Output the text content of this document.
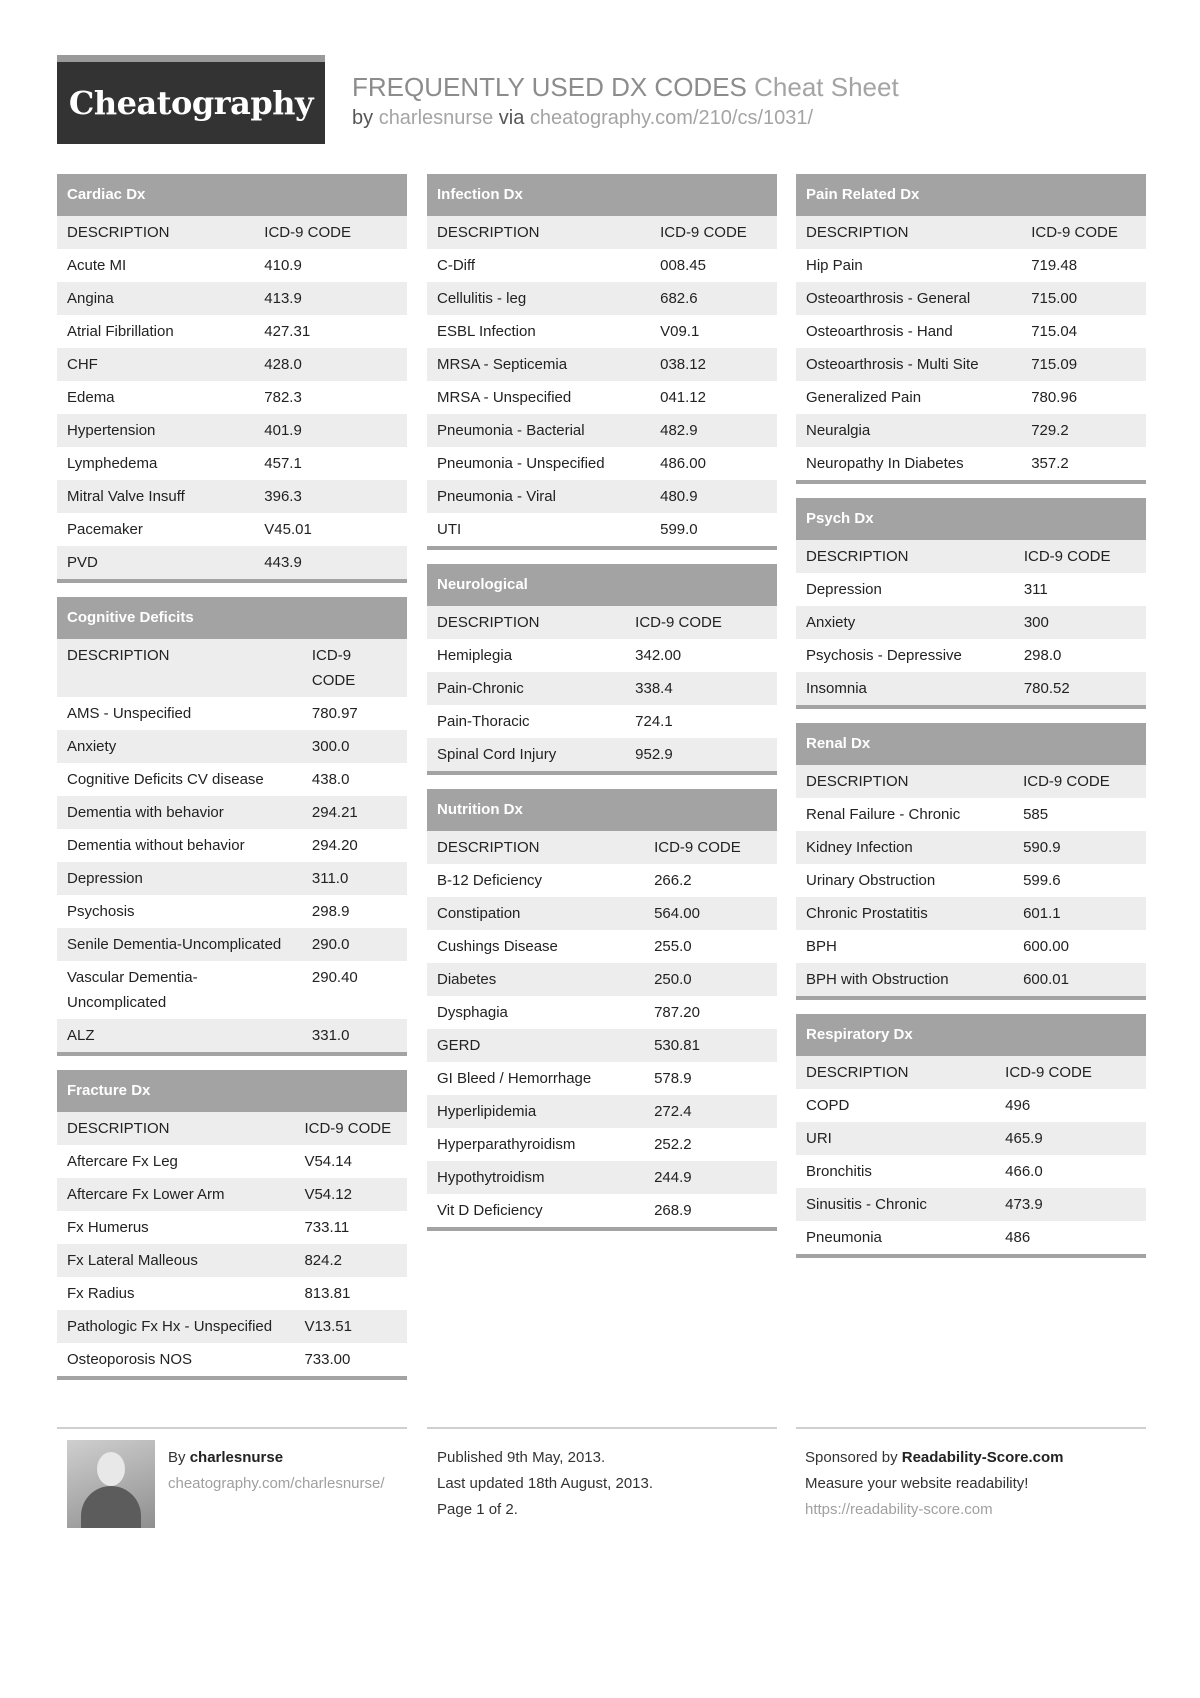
Cheatography	FREQUENTLY USED DX CODES Cheat Sheet
by charlesnurse via cheatography.com/210/cs/1031/
Cardiac Dx
DESCRIPTION	ICD-9 CODE
Acute MI	410.9
Angina	413.9
Atrial Fibrillation	427.31
CHF	428.0
Edema	782.3
Hypertension	401.9
Lymphedema	457.1
Mitral Valve Insuff	396.3
Pacemaker	V45.01
PVD	443.9
Cognitive Deficits
DESCRIPTION	ICD-9 CODE
AMS - Unspecified	780.97
Anxiety	300.0
Cognitive Deficits CV disease	438.0
Dementia with behavior	294.21
Dementia without behavior	294.20
Depression	311.0
Psychosis	298.9
Senile Dementia-Uncomplicated	290.0
Vascular Dementia-Uncomplicated	290.40
ALZ	331.0
Fracture Dx
DESCRIPTION	ICD-9 CODE
Aftercare Fx Leg	V54.14
Aftercare Fx Lower Arm	V54.12
Fx Humerus	733.11
Fx Lateral Malleous	824.2
Fx Radius	813.81
Pathologic Fx Hx - Unspecified	V13.51
Osteoporosis NOS	733.00
Infection Dx
DESCRIPTION	ICD-9 CODE
C-Diff	008.45
Cellulitis - leg	682.6
ESBL Infection	V09.1
MRSA - Septicemia	038.12
MRSA - Unspecified	041.12
Pneumonia - Bacterial	482.9
Pneumonia - Unspecified	486.00
Pneumonia - Viral	480.9
UTI	599.0
Neurological
DESCRIPTION	ICD-9 CODE
Hemiplegia	342.00
Pain-Chronic	338.4
Pain-Thoracic	724.1
Spinal Cord Injury	952.9
Nutrition Dx
DESCRIPTION	ICD-9 CODE
B-12 Deficiency	266.2
Constipation	564.00
Cushings Disease	255.0
Diabetes	250.0
Dysphagia	787.20
GERD	530.81
GI Bleed / Hemorrhage	578.9
Hyperlipidemia	272.4
Hyperparathyroidism	252.2
Hypothytroidism	244.9
Vit D Deficiency	268.9
Pain Related Dx
DESCRIPTION	ICD-9 CODE
Hip Pain	719.48
Osteoarthrosis - General	715.00
Osteoarthrosis - Hand	715.04
Osteoarthrosis - Multi Site	715.09
Generalized Pain	780.96
Neuralgia	729.2
Neuropathy In Diabetes	357.2
Psych Dx
DESCRIPTION	ICD-9 CODE
Depression	311
Anxiety	300
Psychosis - Depressive	298.0
Insomnia	780.52
Renal Dx
DESCRIPTION	ICD-9 CODE
Renal Failure - Chronic	585
Kidney Infection	590.9
Urinary Obstruction	599.6
Chronic Prostatitis	601.1
BPH	600.00
BPH with Obstruction	600.01
Respiratory Dx
DESCRIPTION	ICD-9 CODE
COPD	496
URI	465.9
Bronchitis	466.0
Sinusitis - Chronic	473.9
Pneumonia	486
By charlesnurse
cheatography.com/charlesnurse/
Published 9th May, 2013.
Last updated 18th August, 2013.
Page 1 of 2.
Sponsored by Readability-Score.com
Measure your website readability!
https://readability-score.com
